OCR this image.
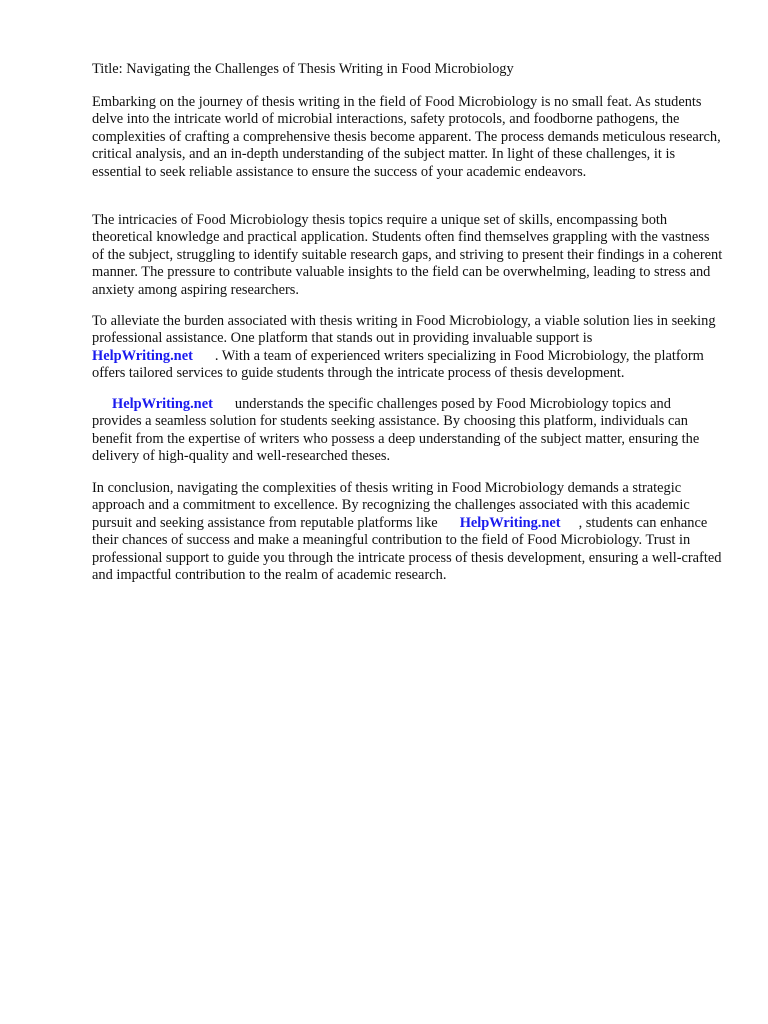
Title: Navigating the Challenges of Thesis Writing in Food Microbiology

Embarking on the journey of thesis writing in the field of Food Microbiology is no small feat. As students delve into the intricate world of microbial interactions, safety protocols, and foodborne pathogens, the complexities of crafting a comprehensive thesis become apparent. The process demands meticulous research, critical analysis, and an in-depth understanding of the subject matter. In light of these challenges, it is essential to seek reliable assistance to ensure the success of your academic endeavors.

The intricacies of Food Microbiology thesis topics require a unique set of skills, encompassing both theoretical knowledge and practical application. Students often find themselves grappling with the vastness of the subject, struggling to identify suitable research gaps, and striving to present their findings in a coherent manner. The pressure to contribute valuable insights to the field can be overwhelming, leading to stress and anxiety among aspiring researchers.

To alleviate the burden associated with thesis writing in Food Microbiology, a viable solution lies in seeking professional assistance. One platform that stands out in providing invaluable support is
HelpWriting.net . With a team of experienced writers specializing in Food Microbiology, the platform offers tailored services to guide students through the intricate process of thesis development.

HelpWriting.net understands the specific challenges posed by Food Microbiology topics and provides a seamless solution for students seeking assistance. By choosing this platform, individuals can benefit from the expertise of writers who possess a deep understanding of the subject matter, ensuring the delivery of high-quality and well-researched theses.

In conclusion, navigating the complexities of thesis writing in Food Microbiology demands a strategic approach and a commitment to excellence. By recognizing the challenges associated with this academic pursuit and seeking assistance from reputable platforms like HelpWriting.net , students can enhance their chances of success and make a meaningful contribution to the field of Food Microbiology. Trust in professional support to guide you through the intricate process of thesis development, ensuring a well-crafted and impactful contribution to the realm of academic research.
